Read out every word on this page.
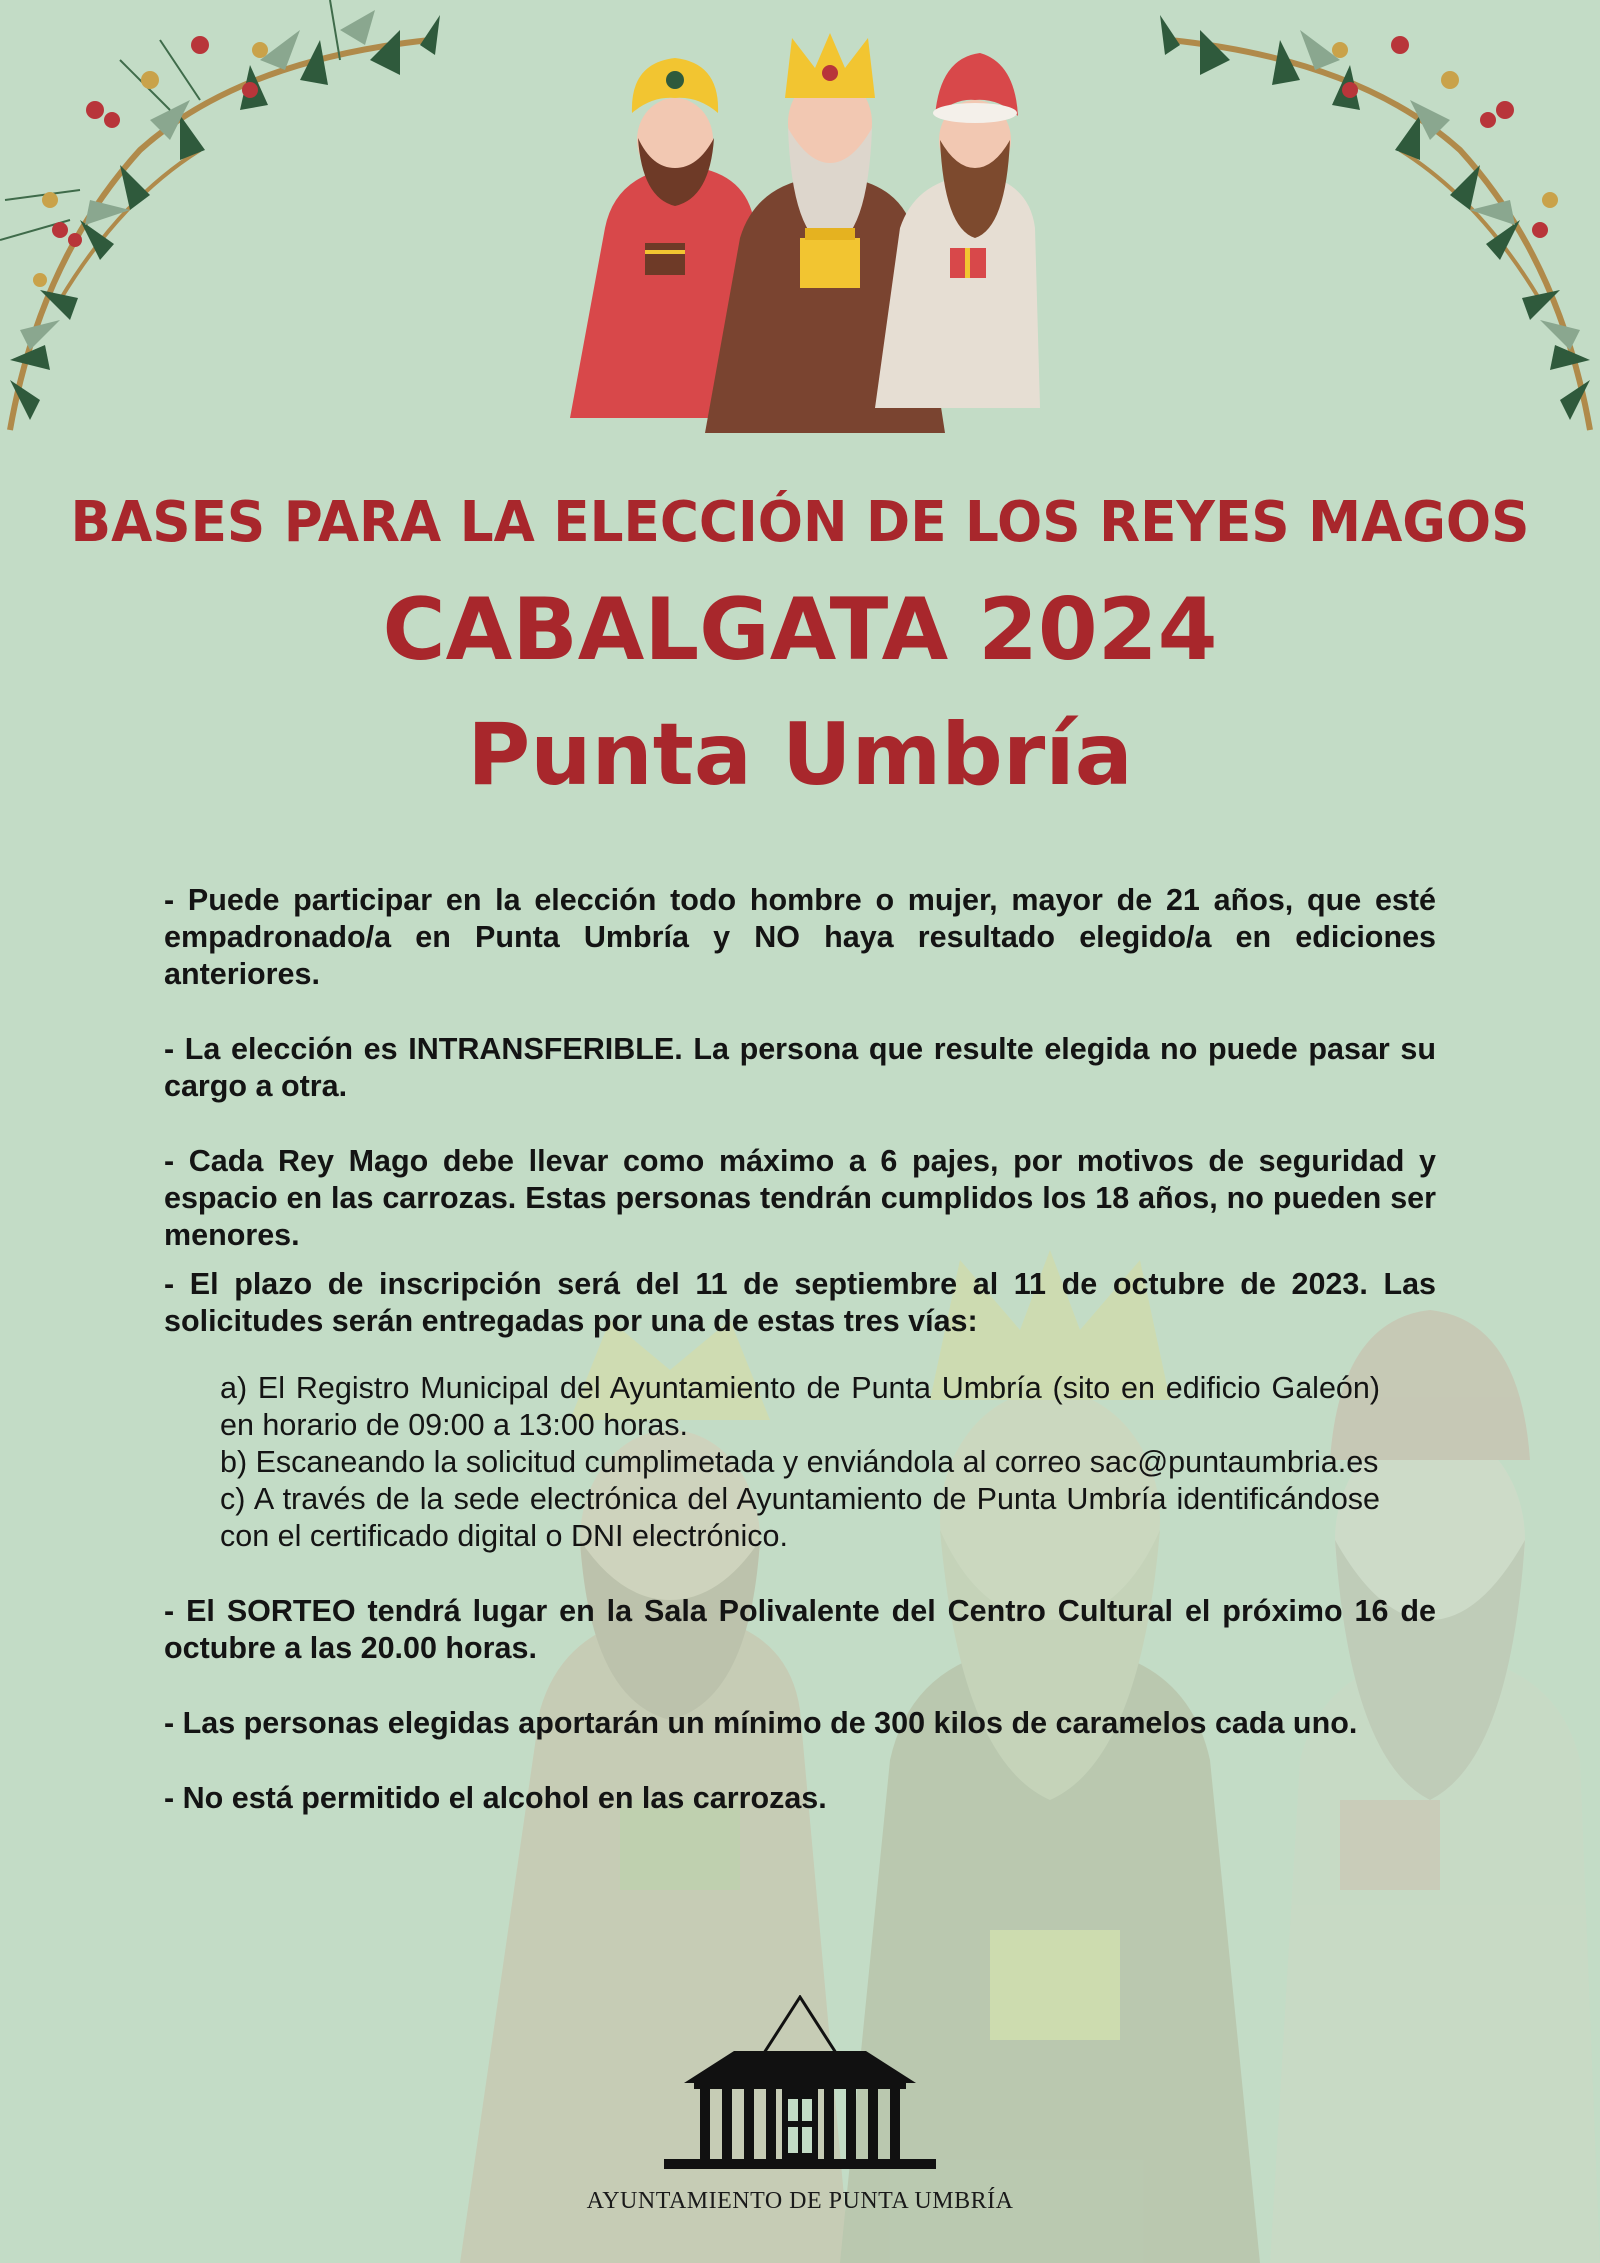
BASES PARA LA ELECCIÓN DE LOS REYES MAGOS
CABALGATA 2024
Punta Umbría

- Puede participar en la elección todo hombre o mujer, mayor de 21 años, que esté empadronado/a en Punta Umbría y NO haya resultado elegido/a en ediciones anteriores.

- La elección es INTRANSFERIBLE. La persona que resulte elegida no puede pasar su cargo a otra.

- Cada Rey Mago debe llevar como máximo a 6 pajes, por motivos de seguridad y espacio en las carrozas. Estas personas tendrán cumplidos los 18 años, no pueden ser menores.

- El plazo de inscripción será del 11 de septiembre al 11 de octubre de 2023. Las solicitudes serán entregadas por una de estas tres vías:

a) El Registro Municipal del Ayuntamiento de Punta Umbría (sito en edificio Galeón) en horario de 09:00 a 13:00 horas.

b) Escaneando la solicitud cumplimetada y enviándola al correo sac@puntaumbria.es

c) A través de la sede electrónica del Ayuntamiento de Punta Umbría identificándose con el certificado digital o DNI electrónico.

- El SORTEO tendrá lugar en la Sala Polivalente del Centro Cultural el próximo 16 de octubre a las 20.00 horas.

- Las personas elegidas aportarán un mínimo de 300 kilos de caramelos cada uno.

- No está permitido el alcohol en las carrozas.

AYUNTAMIENTO DE PUNTA UMBRÍA
